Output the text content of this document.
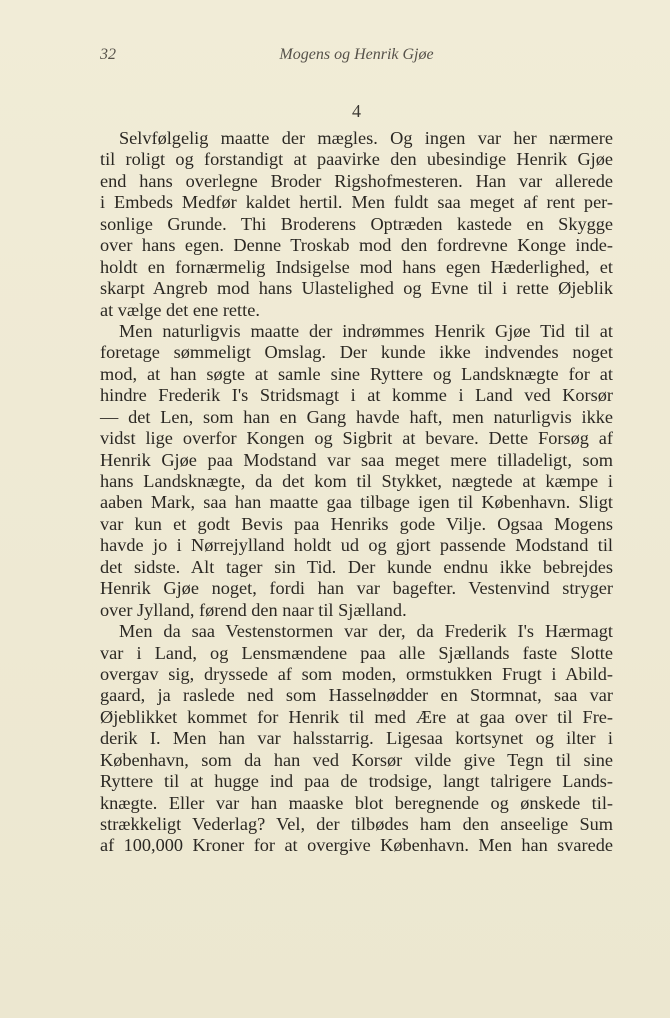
32	Mogens og Henrik Gjøe
4
Selvfølgelig maatte der mægles. Og ingen var her nærmere
til roligt og forstandigt at paavirke den ubesindige Henrik Gjøe
end hans overlegne Broder Rigshofmesteren. Han var allerede
i Embeds Medfør kaldet hertil. Men fuldt saa meget af rent per-
sonlige Grunde. Thi Broderens Optræden kastede en Skygge
over hans egen. Denne Troskab mod den fordrevne Konge inde-
holdt en fornærmelig Indsigelse mod hans egen Hæderlighed, et
skarpt Angreb mod hans Ulastelighed og Evne til i rette Øjeblik
at vælge det ene rette.
Men naturligvis maatte der indrømmes Henrik Gjøe Tid til at
foretage sømmeligt Omslag. Der kunde ikke indvendes noget
mod, at han søgte at samle sine Ryttere og Landsknægte for at
hindre Frederik I's Stridsmagt i at komme i Land ved Korsør
— det Len, som han en Gang havde haft, men naturligvis ikke
vidst lige overfor Kongen og Sigbrit at bevare. Dette Forsøg af
Henrik Gjøe paa Modstand var saa meget mere tilladeligt, som
hans Landsknægte, da det kom til Stykket, nægtede at kæmpe i
aaben Mark, saa han maatte gaa tilbage igen til København. Sligt
var kun et godt Bevis paa Henriks gode Vilje. Ogsaa Mogens
havde jo i Nørrejylland holdt ud og gjort passende Modstand til
det sidste. Alt tager sin Tid. Der kunde endnu ikke bebrejdes
Henrik Gjøe noget, fordi han var bagefter. Vestenvind stryger
over Jylland, førend den naar til Sjælland.
Men da saa Vestenstormen var der, da Frederik I's Hærmagt
var i Land, og Lensmændene paa alle Sjællands faste Slotte
overgav sig, dryssede af som moden, ormstukken Frugt i Abild-
gaard, ja raslede ned som Hasselnødder en Stormnat, saa var
Øjeblikket kommet for Henrik til med Ære at gaa over til Fre-
derik I. Men han var halsstarrig. Ligesaa kortsynet og ilter i
København, som da han ved Korsør vilde give Tegn til sine
Ryttere til at hugge ind paa de trodsige, langt talrigere Lands-
knægte. Eller var han maaske blot beregnende og ønskede til-
strækkeligt Vederlag? Vel, der tilbødes ham den anseelige Sum
af 100,000 Kroner for at overgive København. Men han svarede
